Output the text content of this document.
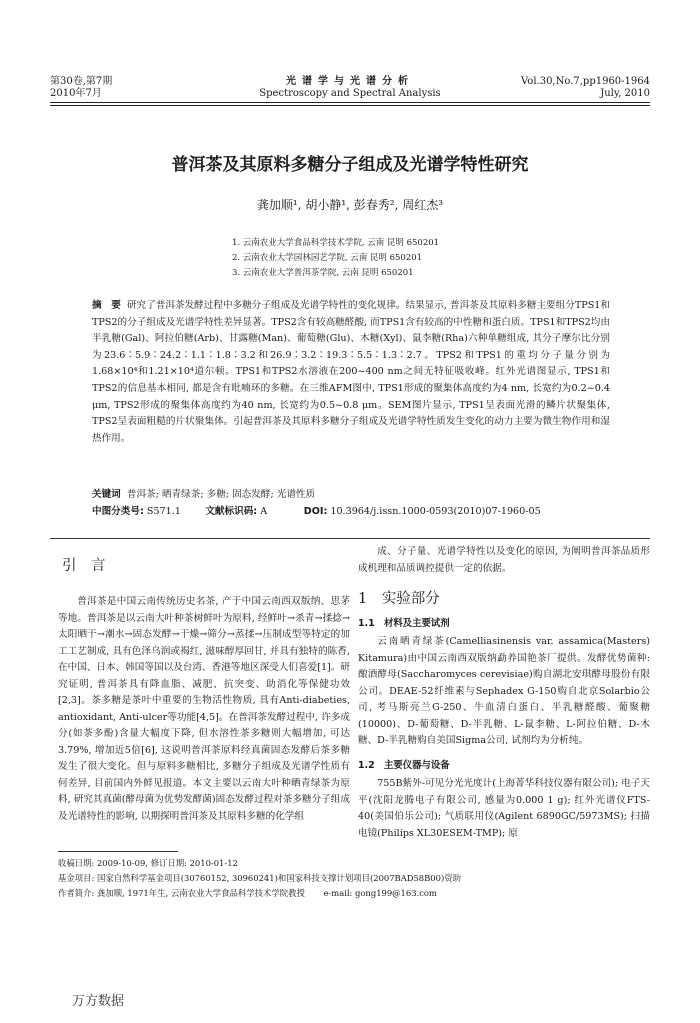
第30卷,第7期
2010年7月
光谱学与光谱分析
Spectroscopy and Spectral Analysis
Vol.30,No.7,pp1960-1964
July, 2010
普洱茶及其原料多糖分子组成及光谱学特性研究
龚加顺¹, 胡小静¹, 彭春秀², 周红杰³
1. 云南农业大学食品科学技术学院, 云南 昆明 650201
2. 云南农业大学园林园艺学院, 云南 昆明 650201
3. 云南农业大学普洱茶学院, 云南 昆明 650201
摘　要 研究了普洱茶发酵过程中多糖分子组成及光谱学特性的变化规律。结果显示, 普洱茶及其原料多糖主要组分TPS1和TPS2的分子组成及光谱学特性差异显著。TPS2含有较高糖醛酸, 而TPS1含有较高的中性糖和蛋白质。TPS1和TPS2均由半乳糖(Gal)、阿拉伯糖(Arb)、甘露糖(Man)、葡萄糖(Glu)、木糖(Xyl)、鼠李糖(Rha)六种单糖组成, 其分子摩尔比分别为23.6∶5.9∶24.2∶1.1∶1.8∶3.2和26.9∶3.2∶19.3∶5.5∶1.3∶2.7。TPS2和TPS1的重均分子量分别为1.68×10⁴和1.21×10⁴道尔顿。TPS1和TPS2水溶液在200~400 nm之间无特征吸收峰。红外光谱图显示, TPS1和TPS2的信息基本相同, 都是含有吡喃环的多糖。在三维AFM图中, TPS1形成的聚集体高度约为4 nm, 长宽约为0.2~0.4 μm, TPS2形成的聚集体高度约为40 nm, 长宽约为0.5~0.8 μm。SEM图片显示, TPS1呈表面光滑的鳞片状聚集体, TPS2呈表面粗糙的片状聚集体。引起普洱茶及其原料多糖分子组成及光谱学特性质发生变化的动力主要为微生物作用和湿热作用。
关键词 普洱茶; 晒青绿茶; 多糖; 固态发酵; 光谱性质
中图分类号: S571.1	文献标识码: A	DOI: 10.3964/j.issn.1000-0593(2010)07-1960-05
引　言

普洱茶是中国云南传统历史名茶, 产于中国云南西双版纳、思茅等地。普洱茶是以云南大叶种茶树鲜叶为原料, 经鲜叶→杀青→揉捻→太阳晒干→潮水→固态发酵→干燥→筛分→蒸揉→压制成型等特定的加工工艺制成, 具有色泽乌润或褐红, 滋味醇厚回甘, 并具有独特的陈香, 在中国、日本、韩国等国以及台湾、香港等地区深受人们喜爱[1]。研究证明, 普洱茶具有降血脂、减肥、抗突变、助消化等保健功效[2,3]。茶多糖是茶叶中重要的生物活性物质, 具有Anti-diabeties, antioxidant, Anti-ulcer等功能[4,5]。在普洱茶发酵过程中, 许多成分(如茶多酚)含量大幅度下降, 但水溶性茶多糖则大幅增加, 可达3.79%, 增加近5倍[6], 这说明普洱茶原料经真菌固态发酵后茶多糖发生了很大变化。但与原料多糖相比, 多糖分子组成及光谱学性质有何差异, 目前国内外鲜见报道。本文主要以云南大叶种晒青绿茶为原料, 研究其真菌(酵母菌为优势发酵菌)固态发酵过程对茶多糖分子组成及光谱特性的影响, 以期探明普洱茶及其原料多糖的化学组

成、分子量、光谱学特性以及变化的原因, 为阐明普洱茶品质形成机理和品质调控提供一定的依据。

1　实验部分
1.1　材料及主要试剂

云南晒青绿茶(Camelliasinensis var. assamica(Masters) Kitamura)由中国云南西双版纳勐养国艳茶厂提供。发酵优势菌种: 酿酒酵母(Saccharomyces cerevisiae)购自湖北安琪酵母股份有限公司。DEAE-52纤维素与Sephadex G-150购自北京Solarbio公司, 考马斯亮兰G-250、牛血清白蛋白、半乳糖醛酸、葡聚糖(10000)、D-葡萄糖、D-半乳糖、L-鼠李糖、L-阿拉伯糖、D-木糖、D-半乳糖购自美国Sigma公司, 试剂均为分析纯。

1.2　主要仪器与设备

755B紫外-可见分光光度计(上海菁华科技仪器有限公司); 电子天平(沈阳龙腾电子有限公司, 感量为0.000 1 g); 红外光谱仪FTS-40(美国伯乐公司); 气质联用仪(Agilent 6890GC/5973MS); 扫描电镜(Philips XL30ESEM-TMP); 原

收稿日期: 2009-10-09, 修订日期: 2010-01-12
基金项目: 国家自然科学基金项目(30760152, 30960241)和国家科技支撑计划项目(2007BAD58B00)资助
作者简介: 龚加顺, 1971年生, 云南农业大学食品科学技术学院教授 e-mail: gong199@163.com
万方数据
